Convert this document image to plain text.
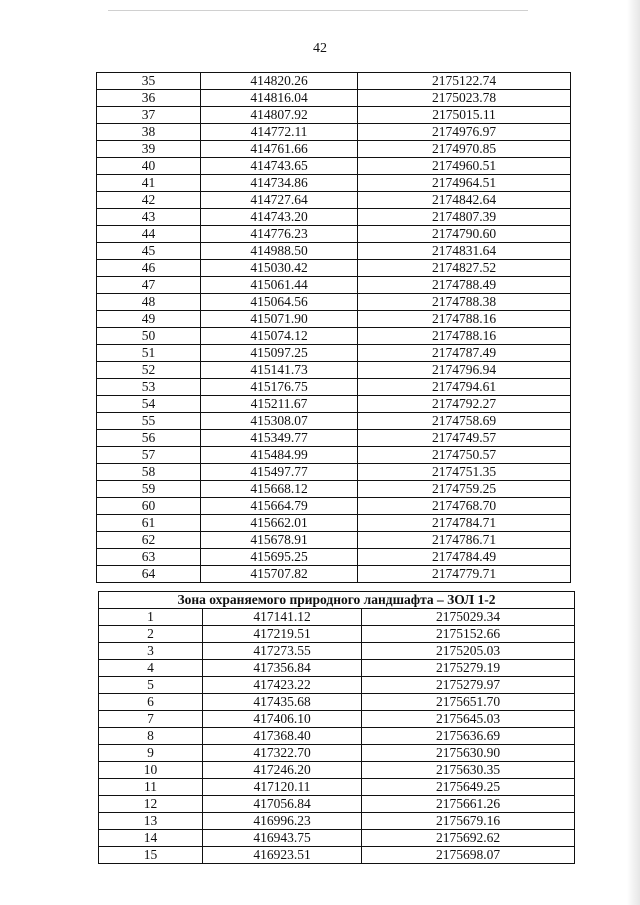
42
35	414820.26	2175122.74
36	414816.04	2175023.78
37	414807.92	2175015.11
38	414772.11	2174976.97
39	414761.66	2174970.85
40	414743.65	2174960.51
41	414734.86	2174964.51
42	414727.64	2174842.64
43	414743.20	2174807.39
44	414776.23	2174790.60
45	414988.50	2174831.64
46	415030.42	2174827.52
47	415061.44	2174788.49
48	415064.56	2174788.38
49	415071.90	2174788.16
50	415074.12	2174788.16
51	415097.25	2174787.49
52	415141.73	2174796.94
53	415176.75	2174794.61
54	415211.67	2174792.27
55	415308.07	2174758.69
56	415349.77	2174749.57
57	415484.99	2174750.57
58	415497.77	2174751.35
59	415668.12	2174759.25
60	415664.79	2174768.70
61	415662.01	2174784.71
62	415678.91	2174786.71
63	415695.25	2174784.49
64	415707.82	2174779.71
Зона охраняемого природного ландшафта – ЗОЛ 1-2		
1	417141.12	2175029.34
2	417219.51	2175152.66
3	417273.55	2175205.03
4	417356.84	2175279.19
5	417423.22	2175279.97
6	417435.68	2175651.70
7	417406.10	2175645.03
8	417368.40	2175636.69
9	417322.70	2175630.90
10	417246.20	2175630.35
11	417120.11	2175649.25
12	417056.84	2175661.26
13	416996.23	2175679.16
14	416943.75	2175692.62
15	416923.51	2175698.07
